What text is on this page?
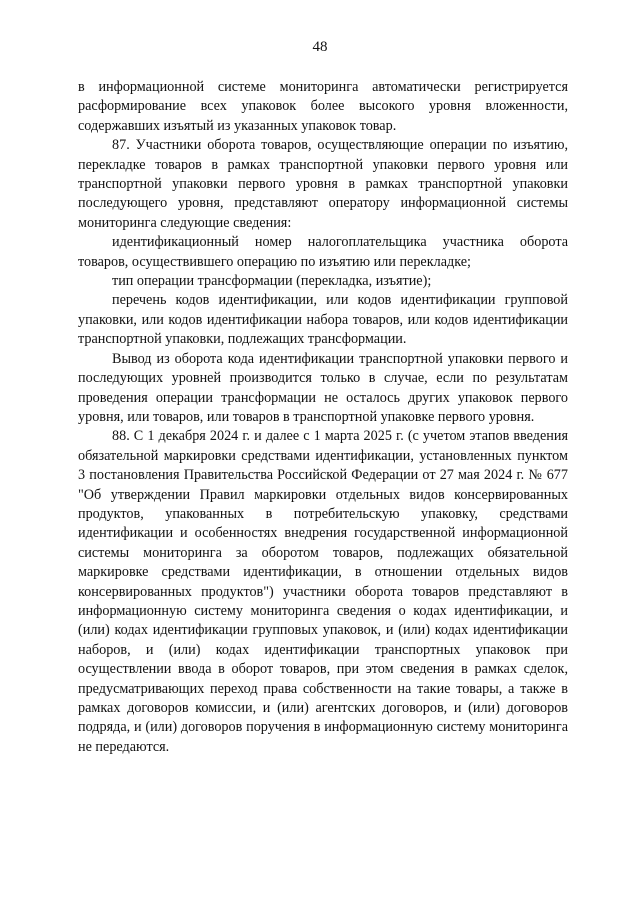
48

в информационной системе мониторинга автоматически регистрируется расформирование всех упаковок более высокого уровня вложенности, содержавших изъятый из указанных упаковок товар.

87. Участники оборота товаров, осуществляющие операции по изъятию, перекладке товаров в рамках транспортной упаковки первого уровня или транспортной упаковки первого уровня в рамках транспортной упаковки последующего уровня, представляют оператору информационной системы мониторинга следующие сведения:

идентификационный номер налогоплательщика участника оборота товаров, осуществившего операцию по изъятию или перекладке;

тип операции трансформации (перекладка, изъятие);

перечень кодов идентификации, или кодов идентификации групповой упаковки, или кодов идентификации набора товаров, или кодов идентификации транспортной упаковки, подлежащих трансформации.

Вывод из оборота кода идентификации транспортной упаковки первого и последующих уровней производится только в случае, если по результатам проведения операции трансформации не осталось других упаковок первого уровня, или товаров, или товаров в транспортной упаковке первого уровня.

88. С 1 декабря 2024 г. и далее с 1 марта 2025 г. (с учетом этапов введения обязательной маркировки средствами идентификации, установленных пунктом 3 постановления Правительства Российской Федерации от 27 мая 2024 г. № 677 "Об утверждении Правил маркировки отдельных видов консервированных продуктов, упакованных в потребительскую упаковку, средствами идентификации и особенностях внедрения государственной информационной системы мониторинга за оборотом товаров, подлежащих обязательной маркировке средствами идентификации, в отношении отдельных видов консервированных продуктов") участники оборота товаров представляют в информационную систему мониторинга сведения о кодах идентификации, и (или) кодах идентификации групповых упаковок, и (или) кодах идентификации наборов, и (или) кодах идентификации транспортных упаковок при осуществлении ввода в оборот товаров, при этом сведения в рамках сделок, предусматривающих переход права собственности на такие товары, а также в рамках договоров комиссии, и (или) агентских договоров, и (или) договоров подряда, и (или) договоров поручения в информационную систему мониторинга не передаются.
